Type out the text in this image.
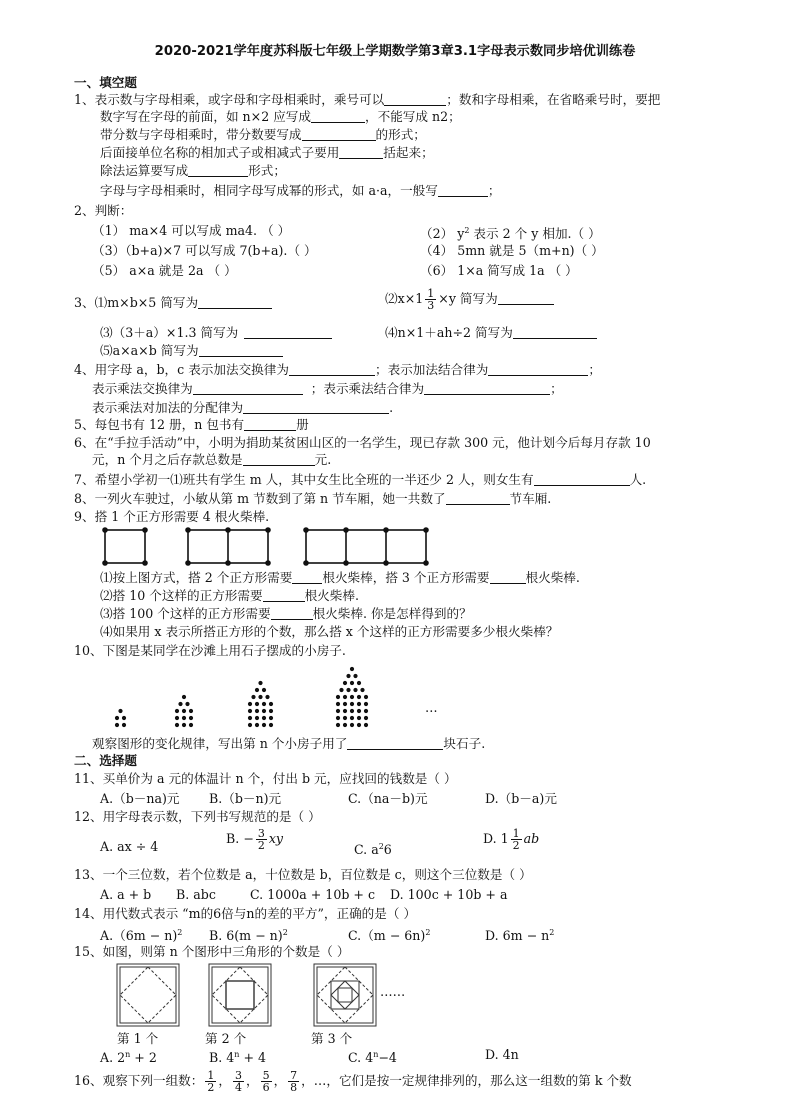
2020-2021学年度苏科版七年级上学期数学第3章3.1字母表示数同步培优训练卷
一、填空题
1、表示数与字母相乘，或字母和字母相乘时，乘号可以	；数和字母相乘，在省略乘号时，要把
数字写在字母的前面，如 n×2 应写成	，不能写成 n2；
带分数与字母相乘时，带分数要写成	的形式；
后面接单位名称的相加式子或相减式子要用	括起来；
除法运算要写成	形式；
字母与字母相乘时，相同字母写成幂的形式，如 a·a，一般写	；
2、判断：
（1） ma×4 可以写成 ma4. （ ）	（2） $y^2$ 表示 2 个 y 相加.（ ）
（3）（b+a)×7 可以写成 7(b+a).（ ）	（4） 5mn 就是 5（m+n)（ ）
（5） a×a 就是 2a （ ）	（6） 1×a 简写成 1a （ ）
3、⑴m×b×5 简写为	⑵x×1 $\frac{1}{3} \times y$ 简写为
⑶（3＋a）×1.3 简写为	⑷n×1＋ah÷2 简写为
⑸a×a×b 简写为
4、用字母 a，b，c 表示加法交换律为	；表示加法结合律为	；
表示乘法交换律为	；表示乘法结合律为	；
表示乘法对加法的分配律为	.
5、每包书有 12 册，n 包书有	册
6、在“手拉手活动”中，小明为捐助某贫困山区的一名学生，现已存款 300 元，他计划今后每月存款 10
元，n 个月之后存款总数是	元.
7、希望小学初一⑴班共有学生 m 人，其中女生比全班的一半还少 2 人，则女生有	人.
8、一列火车驶过，小敏从第 m 节数到了第 n 节车厢，她一共数了	节车厢.
9、搭 1 个正方形需要 4 根火柴棒.
⑴按上图方式，搭 2 个正方形需要 根火柴棒，搭 3 个正方形需要	根火柴棒.
⑵搭 10 个这样的正方形需要	根火柴棒.
⑶搭 100 个这样的正方形需要	根火柴棒. 你是怎样得到的？
⑷如果用 x 表示所搭正方形的个数，那么搭 x 个这样的正方形需要多少根火柴棒？
10、下图是某同学在沙滩上用石子摆成的小房子.
…
观察图形的变化规律，写出第 n 个小房子用了	块石子.
二、选择题
11、买单价为 a 元的体温计 n 个，付出 b 元，应找回的钱数是（ ）
A.（b－na)元 B.（b－n)元	C.（na－b)元	D.（b－a)元
12、用字母表示数，下列书写规范的是（ ）
A. ax ÷ 4
B. − $\frac{3}{2}$ xy
C. $a^26$
D. $1 \frac{1}{2}$ ab
13、一个三位数，若个位数是 a，十位数是 b，百位数是 c，则这个三位数是（ ）
A. a + b B. abc	C. 1000a + 10b + c D. 100c + 10b + a
14、用代数式表示 “m的6倍与n的差的平方”，正确的是（ ）
A.（6m − n)$^2$ B. $6(m - n)^2$	C.（m − 6n)$^2$	D. $6m - n^2$
15、如图，则第 n 个图形中三角形的个数是（ ）
……
第 1 个	第 2 个	第 3 个
A. $2^n + 2$	B. $4^n + 4$	C. $4^n-4$	D. 4n
16、观察下列一组数： $\frac{1}{2}$ ， $\frac{3}{4}$ ， $\frac{5}{6}$ ， $\frac{7}{8}$ ，…，它们是按一定规律排列的，那么这一组数的第 k 个数
